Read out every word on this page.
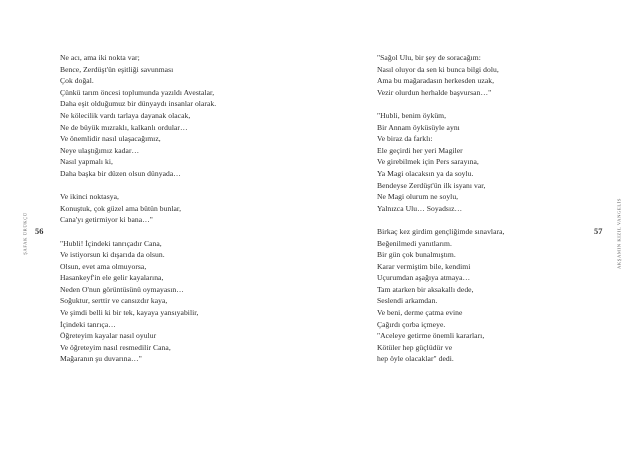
ŞAFAK ÜRÜKÇÜ 56
Ne acı, ama iki nokta var;
Bence, Zerdüşt'ün eşitliği savunması
Çok doğal.
Çünkü tarım öncesi toplumunda yazıldı Avestalar,
Daha eşit olduğumuz bir dünyaydı insanlar olarak.
Ne kölecilik vardı tarlaya dayanak olacak,
Ne de büyük mızraklı, kalkanlı ordular…
Ve önemlidir nasıl ulaşacağımız,
Neye ulaştığımız kadar…
Nasıl yapmalı ki,
Daha başka bir düzen olsun dünyada…
Ve ikinci noktasya,
Konuştuk, çok güzel ama bütün bunlar,
Cana'yı getirmiyor ki bana…"
"Hubli! İçindeki tanrıçadır Cana,
Ve istiyorsun ki dışarıda da olsun.
Olsun, evet ama olmuyorsa,
Hasankeyf'in ele gelir kayalarına,
Neden O'nun görüntüsünü oymayasın…
Soğuktur, serttir ve cansızdır kaya,
Ve şimdi belli ki bir tek, kayaya yansıyabilir,
İçindeki tanrıça…
Öğreteyim kayalar nasıl oyulur
Ve öğreteyim nasıl resmedilir Cana,
Mağaranın şu duvarına…"
AKŞAMIN KIZIL VANGELİS
57
"Sağol Ulu, bir şey de soracağım:
Nasıl oluyor da sen ki bunca bilgi dolu,
Ama bu mağaradasın herkesden uzak,
Vezir olurdun herhalde başvursan…"
"Hubli, benim öyküm,
Bir Annam öyküsüyle aynı
Ve biraz da farklı:
Ele geçirdi her yeri Magiler
Ve girebilmek için Pers sarayına,
Ya Magi olacaksın ya da soylu.
Bendeyse Zerdüşt'ün ilk isyanı var,
Ne Magi olurum ne soylu,
Yalnızca Ulu… Soyadsız…
Birkaç kez girdim gençliğimde sınavlara,
Beğenilmedi yanıtlarım.
Bir gün çok bunalmıştım.
Karar vermiştim bile, kendimi
Uçurumdan aşağıya atmaya…
Tam atarken bir aksakallı dede,
Seslendi arkamdan.
Ve beni, derme çatma evine
Çağırdı çorba içmeye.
"Aceleye getirme önemli kararları,
Kötüler hep güçlüdür ve
hep öyle olacaklar" dedi.
